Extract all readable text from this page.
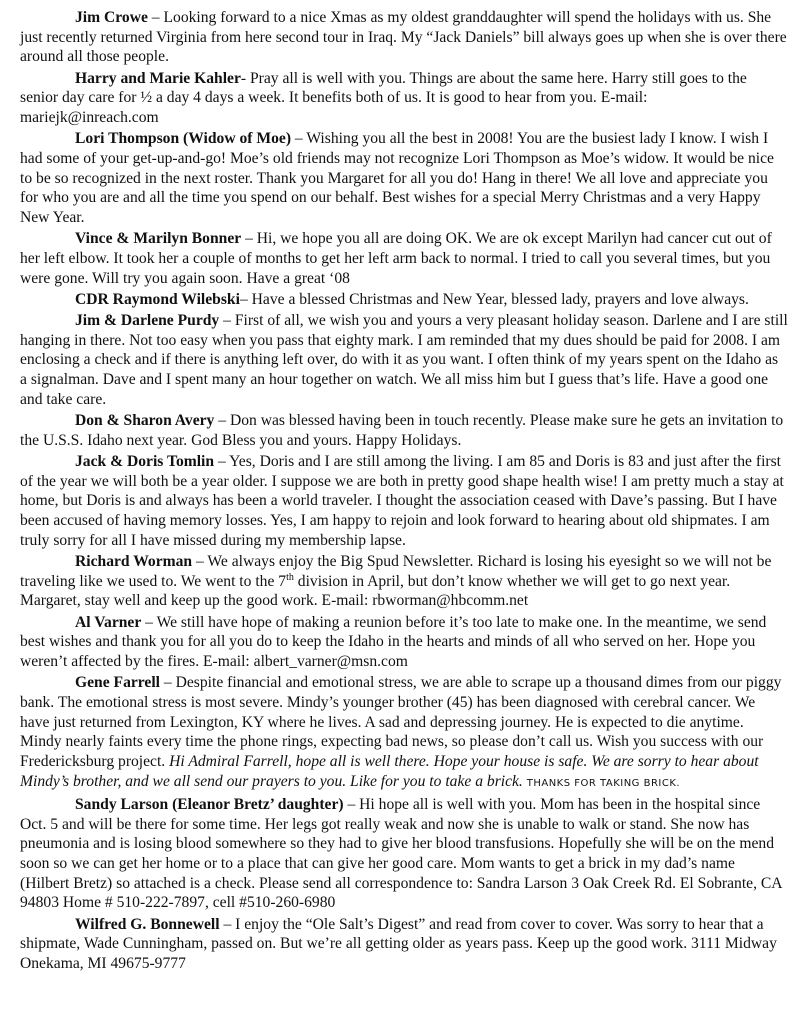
Jim Crowe – Looking forward to a nice Xmas as my oldest granddaughter will spend the holidays with us. She just recently returned Virginia from here second tour in Iraq. My “Jack Daniels” bill always goes up when she is over there around all those people.

Harry and Marie Kahler- Pray all is well with you. Things are about the same here. Harry still goes to the senior day care for ½ a day 4 days a week. It benefits both of us. It is good to hear from you. E-mail: mariejk@inreach.com

Lori Thompson (Widow of Moe) – Wishing you all the best in 2008! You are the busiest lady I know. I wish I had some of your get-up-and-go! Moe’s old friends may not recognize Lori Thompson as Moe’s widow. It would be nice to be so recognized in the next roster. Thank you Margaret for all you do! Hang in there! We all love and appreciate you for who you are and all the time you spend on our behalf. Best wishes for a special Merry Christmas and a very Happy New Year.

Vince & Marilyn Bonner – Hi, we hope you all are doing OK. We are ok except Marilyn had cancer cut out of her left elbow. It took her a couple of months to get her left arm back to normal. I tried to call you several times, but you were gone. Will try you again soon. Have a great ‘08

CDR Raymond Wilebski– Have a blessed Christmas and New Year, blessed lady, prayers and love always.

Jim & Darlene Purdy – First of all, we wish you and yours a very pleasant holiday season. Darlene and I are still hanging in there. Not too easy when you pass that eighty mark. I am reminded that my dues should be paid for 2008. I am enclosing a check and if there is anything left over, do with it as you want. I often think of my years spent on the Idaho as a signalman. Dave and I spent many an hour together on watch. We all miss him but I guess that’s life. Have a good one and take care.

Don & Sharon Avery – Don was blessed having been in touch recently. Please make sure he gets an invitation to the U.S.S. Idaho next year. God Bless you and yours. Happy Holidays.

Jack & Doris Tomlin – Yes, Doris and I are still among the living. I am 85 and Doris is 83 and just after the first of the year we will both be a year older. I suppose we are both in pretty good shape health wise! I am pretty much a stay at home, but Doris is and always has been a world traveler. I thought the association ceased with Dave’s passing. But I have been accused of having memory losses. Yes, I am happy to rejoin and look forward to hearing about old shipmates. I am truly sorry for all I have missed during my membership lapse.

Richard Worman – We always enjoy the Big Spud Newsletter. Richard is losing his eyesight so we will not be traveling like we used to. We went to the 7th division in April, but don’t know whether we will get to go next year. Margaret, stay well and keep up the good work. E-mail: rbworman@hbcomm.net

Al Varner – We still have hope of making a reunion before it’s too late to make one. In the meantime, we send best wishes and thank you for all you do to keep the Idaho in the hearts and minds of all who served on her. Hope you weren’t affected by the fires. E-mail: albert_varner@msn.com

Gene Farrell – Despite financial and emotional stress, we are able to scrape up a thousand dimes from our piggy bank. The emotional stress is most severe. Mindy’s younger brother (45) has been diagnosed with cerebral cancer. We have just returned from Lexington, KY where he lives. A sad and depressing journey. He is expected to die anytime. Mindy nearly faints every time the phone rings, expecting bad news, so please don’t call us. Wish you success with our Fredericksburg project. Hi Admiral Farrell, hope all is well there. Hope your house is safe. We are sorry to hear about Mindy’s brother, and we all send our prayers to you. Like for you to take a brick. THANKS FOR TAKING BRICK.

Sandy Larson (Eleanor Bretz’ daughter) – Hi hope all is well with you. Mom has been in the hospital since Oct. 5 and will be there for some time. Her legs got really weak and now she is unable to walk or stand. She now has pneumonia and is losing blood somewhere so they had to give her blood transfusions. Hopefully she will be on the mend soon so we can get her home or to a place that can give her good care. Mom wants to get a brick in my dad’s name (Hilbert Bretz) so attached is a check. Please send all correspondence to: Sandra Larson 3 Oak Creek Rd. El Sobrante, CA 94803 Home # 510-222-7897, cell #510-260-6980

Wilfred G. Bonnewell – I enjoy the “Ole Salt’s Digest” and read from cover to cover. Was sorry to hear that a shipmate, Wade Cunningham, passed on. But we’re all getting older as years pass. Keep up the good work. 3111 Midway Onekama, MI 49675-9777
